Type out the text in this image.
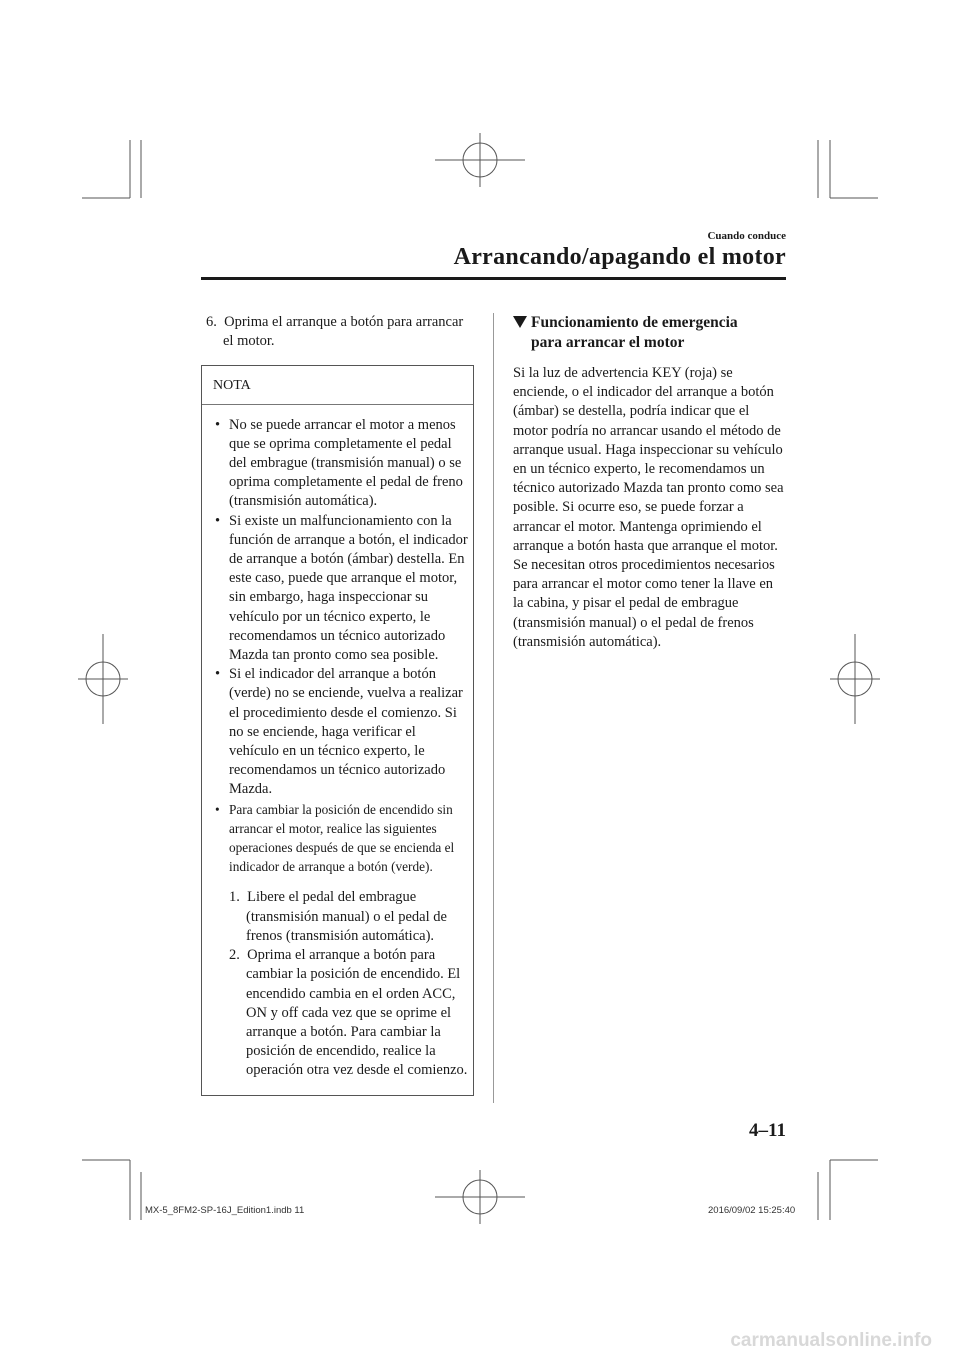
Cuando conduce
Arrancando/apagando el motor

6. Oprima el arranque a botón para arrancar el motor.

NOTA

• No se puede arrancar el motor a menos que se oprima completamente el pedal del embrague (transmisión manual) o se oprima completamente el pedal de freno (transmisión automática).

• Si existe un malfuncionamiento con la función de arranque a botón, el indicador de arranque a botón (ámbar) destella. En este caso, puede que arranque el motor, sin embargo, haga inspeccionar su vehículo por un técnico experto, le recomendamos un técnico autorizado Mazda tan pronto como sea posible.

• Si el indicador del arranque a botón (verde) no se enciende, vuelva a realizar el procedimiento desde el comienzo. Si no se enciende, haga verificar el vehículo en un técnico experto, le recomendamos un técnico autorizado Mazda.

• Para cambiar la posición de encendido sin arrancar el motor, realice las siguientes operaciones después de que se encienda el indicador de arranque a botón (verde).

1. Libere el pedal del embrague (transmisión manual) o el pedal de frenos (transmisión automática).

2. Oprima el arranque a botón para cambiar la posición de encendido. El encendido cambia en el orden ACC, ON y off cada vez que se oprime el arranque a botón. Para cambiar la posición de encendido, realice la operación otra vez desde el comienzo.

Funcionamiento de emergencia
para arrancar el motor

Si la luz de advertencia KEY (roja) se enciende, o el indicador del arranque a botón (ámbar) se destella, podría indicar que el motor podría no arrancar usando el método de arranque usual. Haga inspeccionar su vehículo en un técnico experto, le recomendamos un técnico autorizado Mazda tan pronto como sea posible. Si ocurre eso, se puede forzar a arrancar el motor. Mantenga oprimiendo el arranque a botón hasta que arranque el motor. Se necesitan otros procedimientos necesarios para arrancar el motor como tener la llave en la cabina, y pisar el pedal de embrague (transmisión manual) o el pedal de frenos (transmisión automática).

4–11
MX-5_8FM2-SP-16J_Edition1.indb 11	2016/09/02 15:25:40
carmanualsonline.info
